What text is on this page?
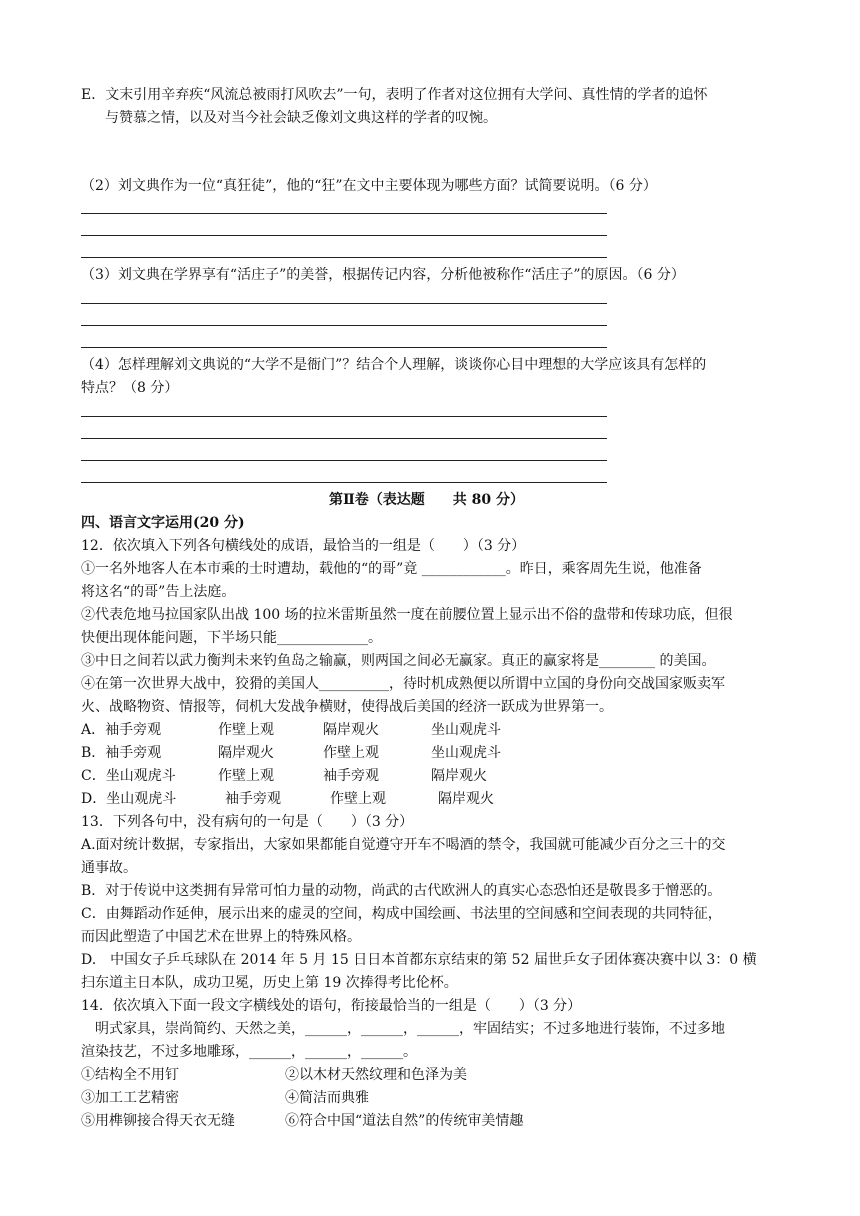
E．文末引用辛弃疾“风流总被雨打风吹去”一句，表明了作者对这位拥有大学问、真性情的学者的追怀
与赞慕之情，以及对当今社会缺乏像刘文典这样的学者的叹惋。
（2）刘文典作为一位“真狂徒”，他的“狂”在文中主要体现为哪些方面？试简要说明。（6 分）
（3）刘文典在学界享有“活庄子”的美誉，根据传记内容，分析他被称作“活庄子”的原因。（6 分）
（4）怎样理解刘文典说的“大学不是衙门”？结合个人理解，谈谈你心目中理想的大学应该具有怎样的
特点？（8 分）
第Ⅱ卷（表达题　　共 80 分）
四、语言文字运用(20 分)
12．依次填入下列各句横线处的成语，最恰当的一组是（　　）（3 分）
①一名外地客人在本市乘的士时遭劫，载他的“的哥”竟 ____________。昨日，乘客周先生说，他准备
将这名“的哥”告上法庭。
②代表危地马拉国家队出战 100 场的拉米雷斯虽然一度在前腰位置上显示出不俗的盘带和传球功底，但很
快便出现体能问题，下半场只能_____________。
③中日之间若以武力衡判未来钓鱼岛之输赢，则两国之间必无赢家。真正的赢家将是________ 的美国。
④在第一次世界大战中，狡猾的美国人__________，待时机成熟便以所谓中立国的身份向交战国家贩卖军
火、战略物资、情报等，伺机大发战争横财，使得战后美国的经济一跃成为世界第一。
A．袖手旁观	作壁上观	隔岸观火	坐山观虎斗
B．袖手旁观	隔岸观火	作壁上观	坐山观虎斗
C．坐山观虎斗	作壁上观	袖手旁观	隔岸观火
D．坐山观虎斗	袖手旁观	作壁上观	隔岸观火
13．下列各句中，没有病句的一句是（　　）（3 分）
A.面对统计数据，专家指出，大家如果都能自觉遵守开车不喝酒的禁令，我国就可能减少百分之三十的交
通事故。
B．对于传说中这类拥有异常可怕力量的动物，尚武的古代欧洲人的真实心态恐怕还是敬畏多于憎恶的。
C．由舞蹈动作延伸，展示出来的虚灵的空间，构成中国绘画、书法里的空间感和空间表现的共同特征，
而因此塑造了中国艺术在世界上的特殊风格。
D.　中国女子乒乓球队在 2014 年 5 月 15 日日本首都东京结束的第 52 届世乒女子团体赛决赛中以 3：0 横
扫东道主日本队，成功卫冕，历史上第 19 次捧得考比伦杯。
14．依次填入下面一段文字横线处的语句，衔接最恰当的一组是（　　）（3 分）
　明式家具，崇尚简约、天然之美，______，______，______，牢固结实；不过多地进行装饰，不过多地
渲染技艺，不过多地雕琢，______，______，______。
①结构全不用钉	②以木材天然纹理和色泽为美
③加工工艺精密	④简洁而典雅
⑤用榫铆接合得天衣无缝	⑥符合中国“道法自然”的传统审美情趣
